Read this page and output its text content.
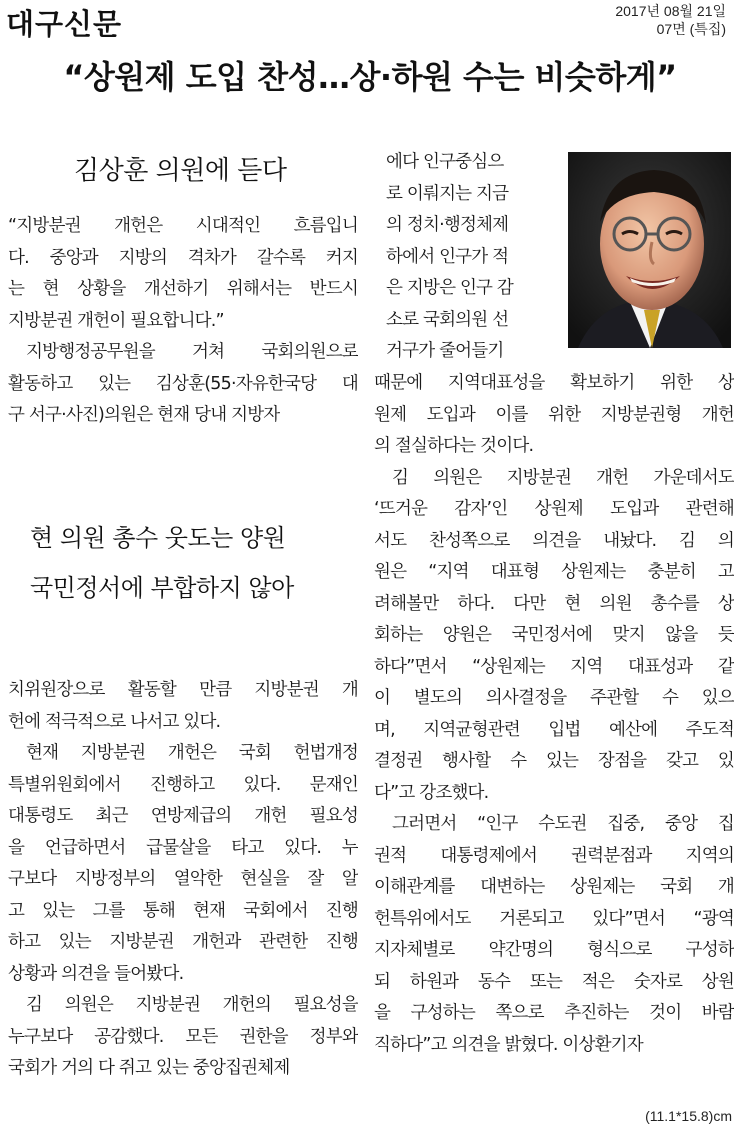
대구신문	2017년 08월 21일
07면 (특집)
“상원제 도입 찬성…상·하원 수는 비슷하게”
김상훈 의원에 듣다

“지방분권 개헌은 시대적인 흐름입니

다. 중앙과 지방의 격차가 갈수록 커지

는 현 상황을 개선하기 위해서는 반드시

지방분권 개헌이 필요합니다.”

지방행정공무원을 거쳐 국회의원으로

활동하고 있는 김상훈(55·자유한국당 대

구 서구·사진)의원은 현재 당내 지방자

현 의원 총수 웃도는 양원
국민정서에 부합하지 않아

치위원장으로 활동할 만큼 지방분권 개

헌에 적극적으로 나서고 있다.

현재 지방분권 개헌은 국회 헌법개정

특별위원회에서 진행하고 있다. 문재인

대통령도 최근 연방제급의 개헌 필요성

을 언급하면서 급물살을 타고 있다. 누

구보다 지방정부의 열악한 현실을 잘 알

고 있는 그를 통해 현재 국회에서 진행

하고 있는 지방분권 개헌과 관련한 진행

상황과 의견을 들어봤다.

김 의원은 지방분권 개헌의 필요성을

누구보다 공감했다. 모든 권한을 정부와

국회가 거의 다 쥐고 있는 중앙집권체제

에다 인구중심으

로 이뤄지는 지금

의 정치·행정체제

하에서 인구가 적

은 지방은 인구 감

소로 국회의원 선

거구가 줄어들기

때문에 지역대표성을 확보하기 위한 상

원제 도입과 이를 위한 지방분권형 개헌

의 절실하다는 것이다.

김 의원은 지방분권 개헌 가운데서도

‘뜨거운 감자’인 상원제 도입과 관련해

서도 찬성쪽으로 의견을 내놨다. 김 의

원은 “지역 대표형 상원제는 충분히 고

려해볼만 하다. 다만 현 의원 총수를 상

회하는 양원은 국민정서에 맞지 않을 듯

하다”면서 “상원제는 지역 대표성과 같

이 별도의 의사결정을 주관할 수 있으

며, 지역균형관련 입법 예산에 주도적

결정권 행사할 수 있는 장점을 갖고 있

다”고 강조했다.

그러면서 “인구 수도권 집중, 중앙 집

권적 대통령제에서 권력분점과 지역의

이해관계를 대변하는 상원제는 국회 개

헌특위에서도 거론되고 있다”면서 “광역

지자체별로 약간명의 형식으로 구성하

되 하원과 동수 또는 적은 숫자로 상원

을 구성하는 쪽으로 추진하는 것이 바람

직하다”고 의견을 밝혔다. 이상환기자

(11.1*15.8)cm
